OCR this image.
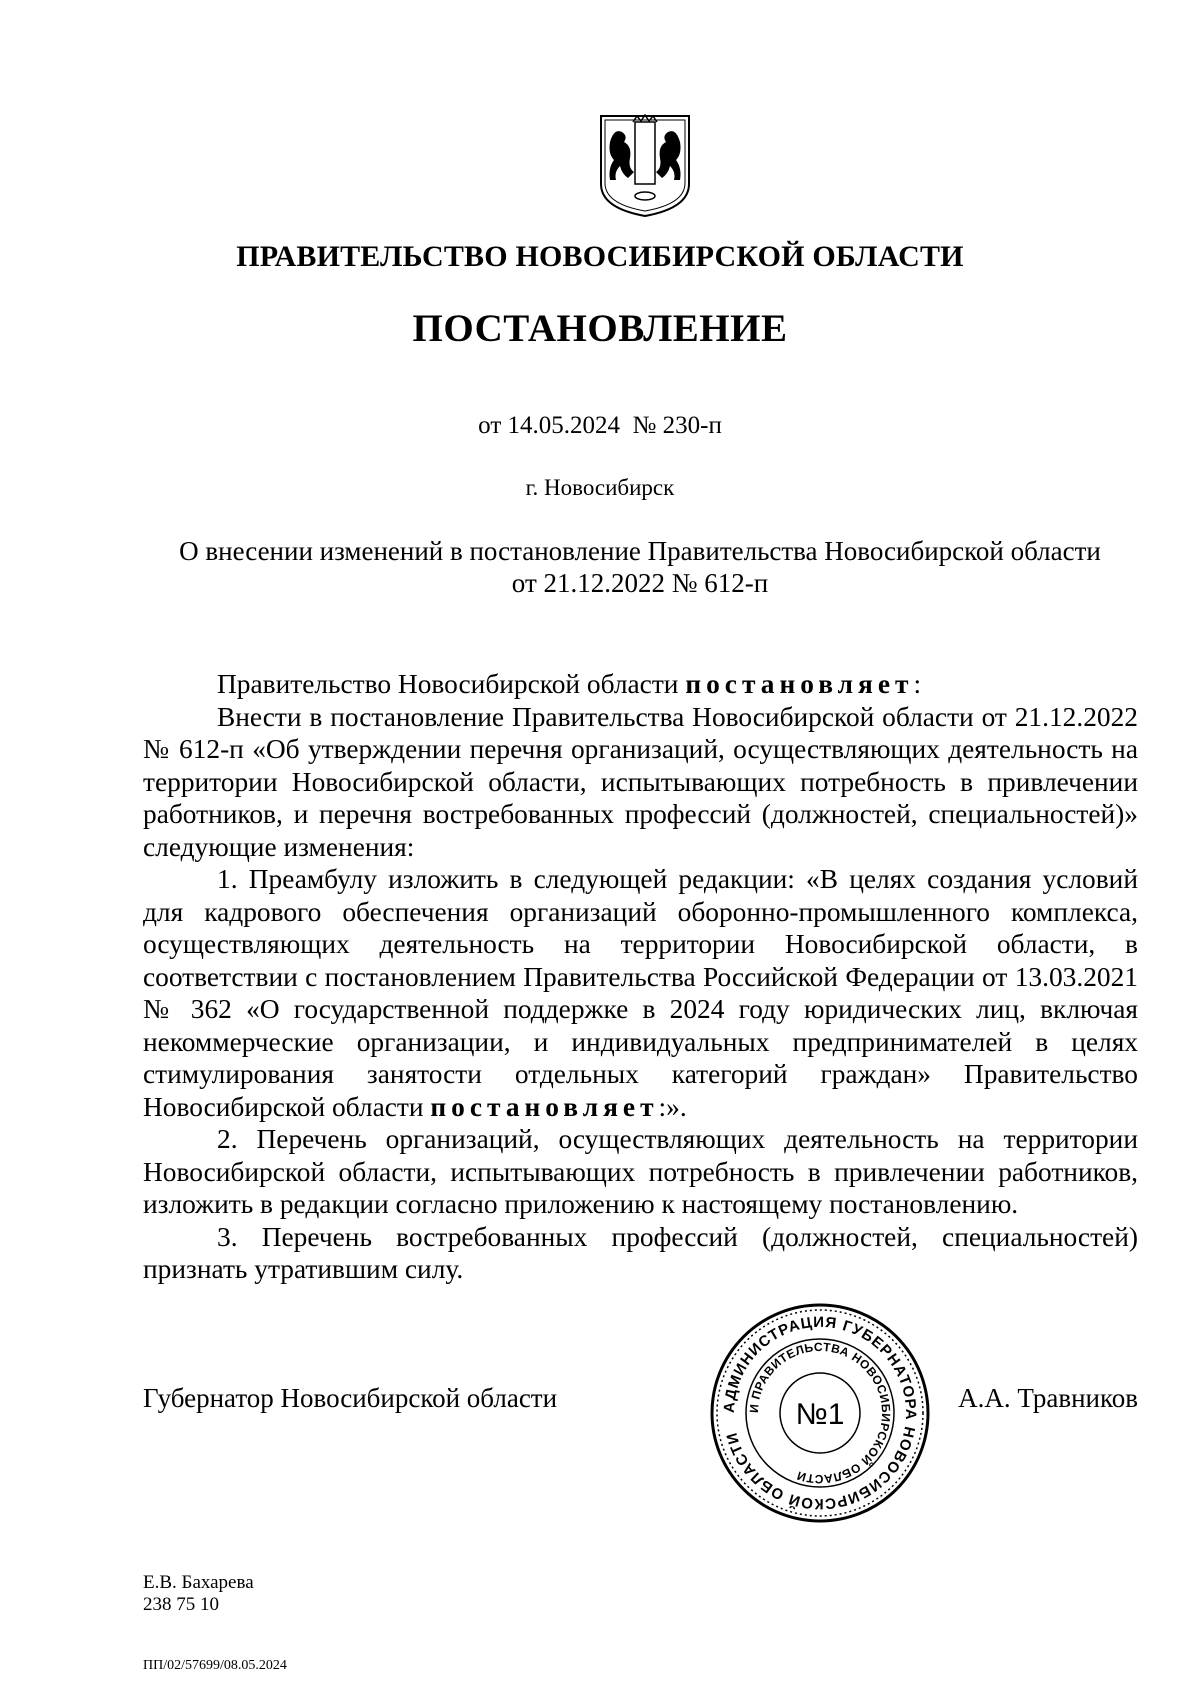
ПРАВИТЕЛЬСТВО НОВОСИБИРСКОЙ ОБЛАСТИ
ПОСТАНОВЛЕНИЕ
от 14.05.2024 № 230-п
г. Новосибирск
О внесении изменений в постановление Правительства Новосибирской области
от 21.12.2022 № 612-п

Правительство Новосибирской области постановляет:

Внести в постановление Правительства Новосибирской области от 21.12.2022 № 612-п «Об утверждении перечня организаций, осуществляющих деятельность на территории Новосибирской области, испытывающих потребность в привлечении работников, и перечня востребованных профессий (должностей, специальностей)» следующие изменения:

1. Преамбулу изложить в следующей редакции: «В целях создания условий для кадрового обеспечения организаций оборонно-промышленного комплекса, осуществляющих деятельность на территории Новосибирской области, в соответствии с постановлением Правительства Российской Федерации от 13.03.2021 № 362 «О государственной поддержке в 2024 году юридических лиц, включая некоммерческие организации, и индивидуальных предпринимателей в целях стимулирования занятости отдельных категорий граждан» Правительство Новосибирской области постановляет:».

2. Перечень организаций, осуществляющих деятельность на территории Новосибирской области, испытывающих потребность в привлечении работников, изложить в редакции согласно приложению к настоящему постановлению.

3. Перечень востребованных профессий (должностей, специальностей) признать утратившим силу.

Губернатор Новосибирской области	АДМИНИСТРАЦИЯ ГУБЕРНАТОРА НОВОСИБИРСКОЙ ОБЛАСТИ
И ПРАВИТЕЛЬСТВА НОВОСИБИРСКОЙ ОБЛАСТИ
№1	А.А. Травников
Е.В. Бахарева
238 75 10
ПП/02/57699/08.05.2024
